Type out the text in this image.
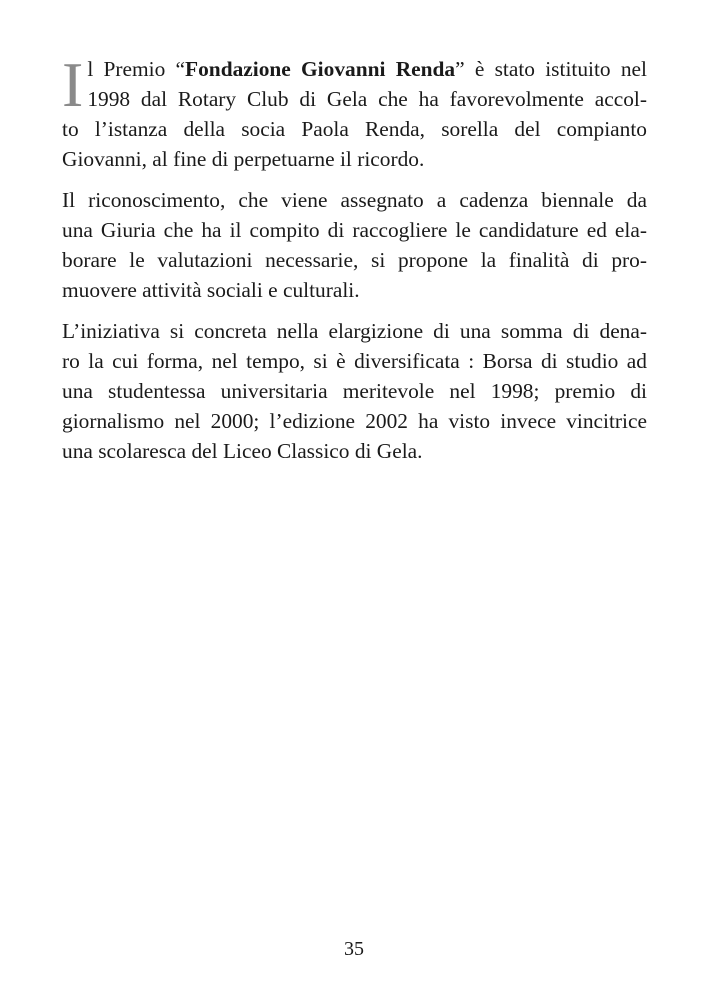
I l Premio “Fondazione Giovanni Renda” è stato istituito nel
1998 dal Rotary Club di Gela che ha favorevolmente accol-
to l’istanza della socia Paola Renda, sorella del compianto
Giovanni, al fine di perpetuarne il ricordo.

Il riconoscimento, che viene assegnato a cadenza biennale da
una Giuria che ha il compito di raccogliere le candidature ed ela-
borare le valutazioni necessarie, si propone la finalità di pro-
muovere attività sociali e culturali.

L’iniziativa si concreta nella elargizione di una somma di dena-
ro la cui forma, nel tempo, si è diversificata : Borsa di studio ad
una studentessa universitaria meritevole nel 1998; premio di
giornalismo nel 2000; l’edizione 2002 ha visto invece vincitrice
una scolaresca del Liceo Classico di Gela.

35
